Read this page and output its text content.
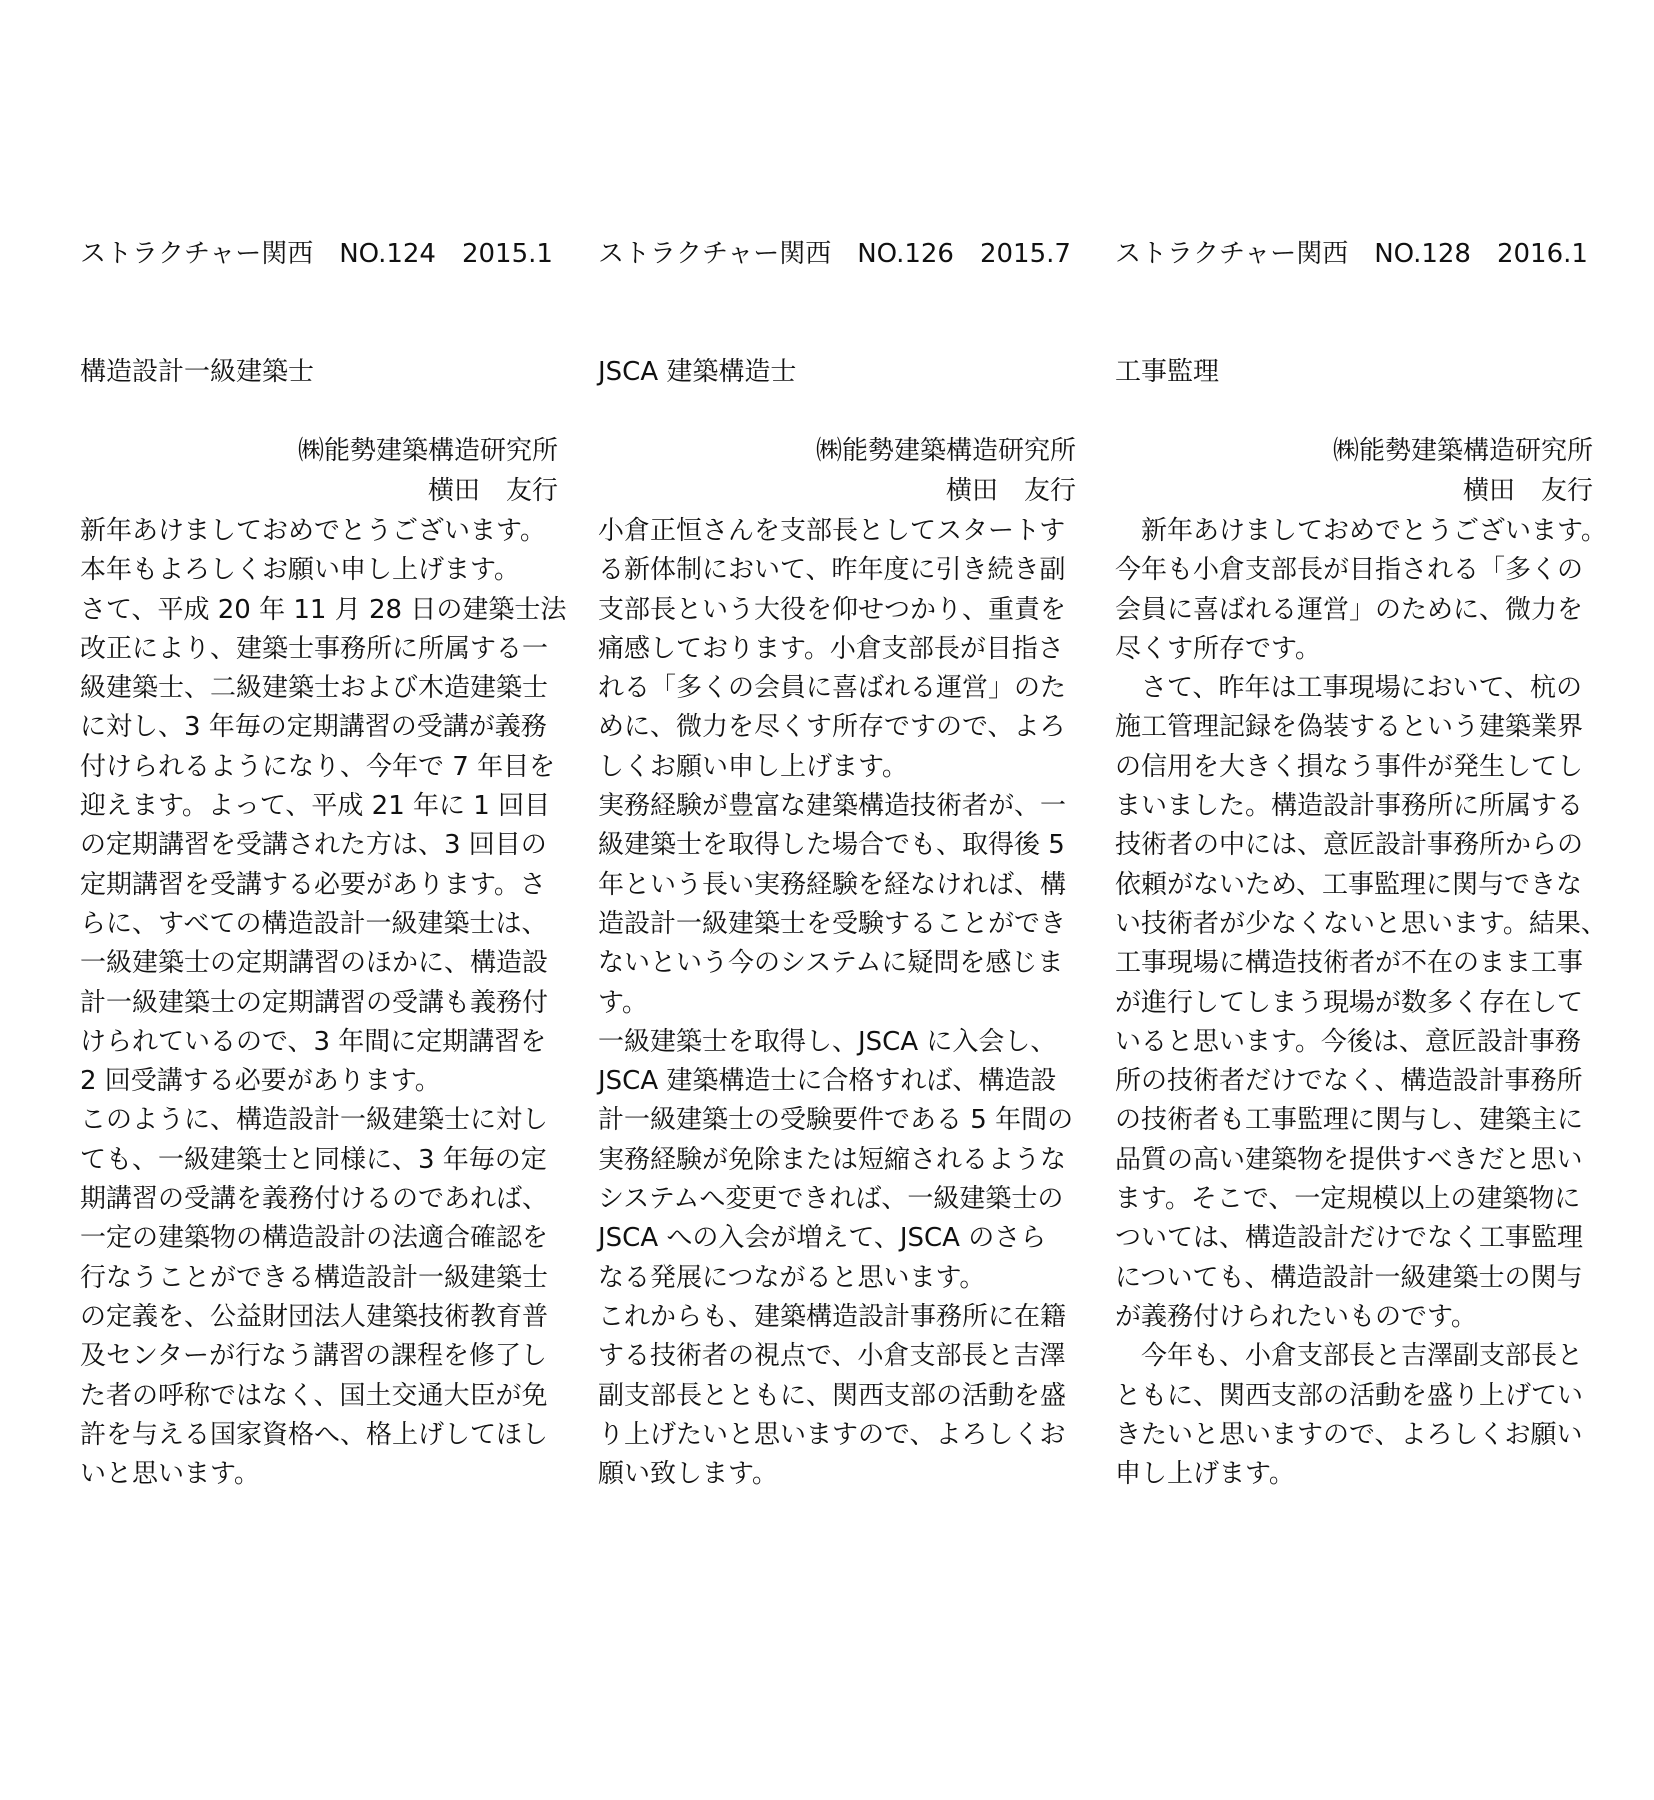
ストラクチャー関西　NO.124　2015.1
構造設計一級建築士
㈱能勢建築構造研究所
横田　友行
新年あけましておめでとうございます。
本年もよろしくお願い申し上げます。
さて、平成 20 年 11 月 28 日の建築士法
改正により、建築士事務所に所属する一
級建築士、二級建築士および木造建築士
に対し、3 年毎の定期講習の受講が義務
付けられるようになり、今年で 7 年目を
迎えます。よって、平成 21 年に 1 回目
の定期講習を受講された方は、3 回目の
定期講習を受講する必要があります。さ
らに、すべての構造設計一級建築士は、
一級建築士の定期講習のほかに、構造設
計一級建築士の定期講習の受講も義務付
けられているので、3 年間に定期講習を
2 回受講する必要があります。
このように、構造設計一級建築士に対し
ても、一級建築士と同様に、3 年毎の定
期講習の受講を義務付けるのであれば、
一定の建築物の構造設計の法適合確認を
行なうことができる構造設計一級建築士
の定義を、公益財団法人建築技術教育普
及センターが行なう講習の課程を修了し
た者の呼称ではなく、国土交通大臣が免
許を与える国家資格へ、格上げしてほし
いと思います。
ストラクチャー関西　NO.126　2015.7
JSCA 建築構造士
㈱能勢建築構造研究所
横田　友行
小倉正恒さんを支部長としてスタートす
る新体制において、昨年度に引き続き副
支部長という大役を仰せつかり、重責を
痛感しております。小倉支部長が目指さ
れる「多くの会員に喜ばれる運営」のた
めに、微力を尽くす所存ですので、よろ
しくお願い申し上げます。
実務経験が豊富な建築構造技術者が、一
級建築士を取得した場合でも、取得後 5
年という長い実務経験を経なければ、構
造設計一級建築士を受験することができ
ないという今のシステムに疑問を感じま
す。
一級建築士を取得し、JSCA に入会し、
JSCA 建築構造士に合格すれば、構造設
計一級建築士の受験要件である 5 年間の
実務経験が免除または短縮されるような
システムへ変更できれば、一級建築士の
JSCA への入会が増えて、JSCA のさら
なる発展につながると思います。
これからも、建築構造設計事務所に在籍
する技術者の視点で、小倉支部長と吉澤
副支部長とともに、関西支部の活動を盛
り上げたいと思いますので、よろしくお
願い致します。
ストラクチャー関西　NO.128　2016.1
工事監理
㈱能勢建築構造研究所
横田　友行
　新年あけましておめでとうございます。
今年も小倉支部長が目指される「多くの
会員に喜ばれる運営」のために、微力を
尽くす所存です。
　さて、昨年は工事現場において、杭の
施工管理記録を偽装するという建築業界
の信用を大きく損なう事件が発生してし
まいました。構造設計事務所に所属する
技術者の中には、意匠設計事務所からの
依頼がないため、工事監理に関与できな
い技術者が少なくないと思います。結果、
工事現場に構造技術者が不在のまま工事
が進行してしまう現場が数多く存在して
いると思います。今後は、意匠設計事務
所の技術者だけでなく、構造設計事務所
の技術者も工事監理に関与し、建築主に
品質の高い建築物を提供すべきだと思い
ます。そこで、一定規模以上の建築物に
ついては、構造設計だけでなく工事監理
についても、構造設計一級建築士の関与
が義務付けられたいものです。
　今年も、小倉支部長と吉澤副支部長と
ともに、関西支部の活動を盛り上げてい
きたいと思いますので、よろしくお願い
申し上げます。
